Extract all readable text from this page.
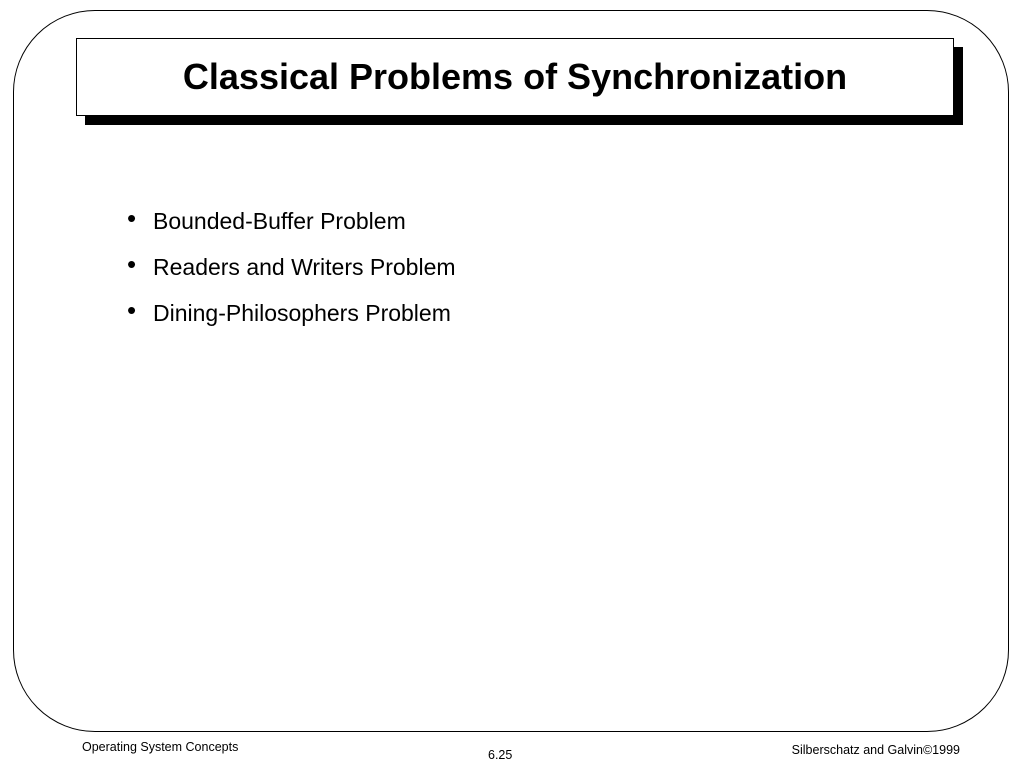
Classical Problems of Synchronization
• Bounded-Buffer Problem
• Readers and Writers Problem
• Dining-Philosophers Problem
Operating System Concepts
6.25	Silberschatz and Galvin©1999
